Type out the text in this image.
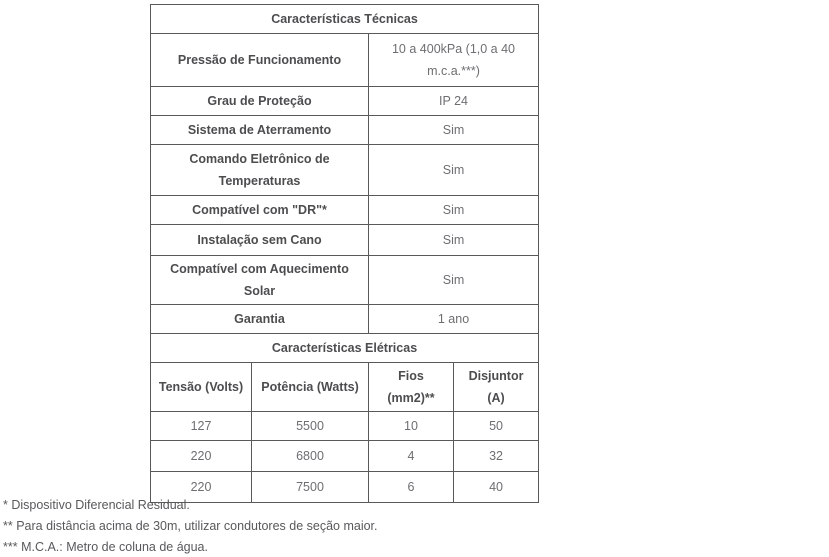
Características Técnicas	
Pressão de Funcionamento	10 a 400kPa (1,0 a 40 m.c.a.***)
Grau de Proteção	IP 24
Sistema de Aterramento	Sim
Comando Eletrônico de Temperaturas	Sim
Compatível com "DR"*	Sim
Instalação sem Cano	Sim
Compatível com Aquecimento Solar	Sim
Garantia	1 ano
Características Elétricas			
Tensão (Volts)	Potência (Watts)	Fios (mm2)**	Disjuntor (A)
127	5500	10	50
220	6800	4	32
220	7500	6	40
* Dispositivo Diferencial Residual.
** Para distância acima de 30m, utilizar condutores de seção maior.
*** M.C.A.: Metro de coluna de água.
